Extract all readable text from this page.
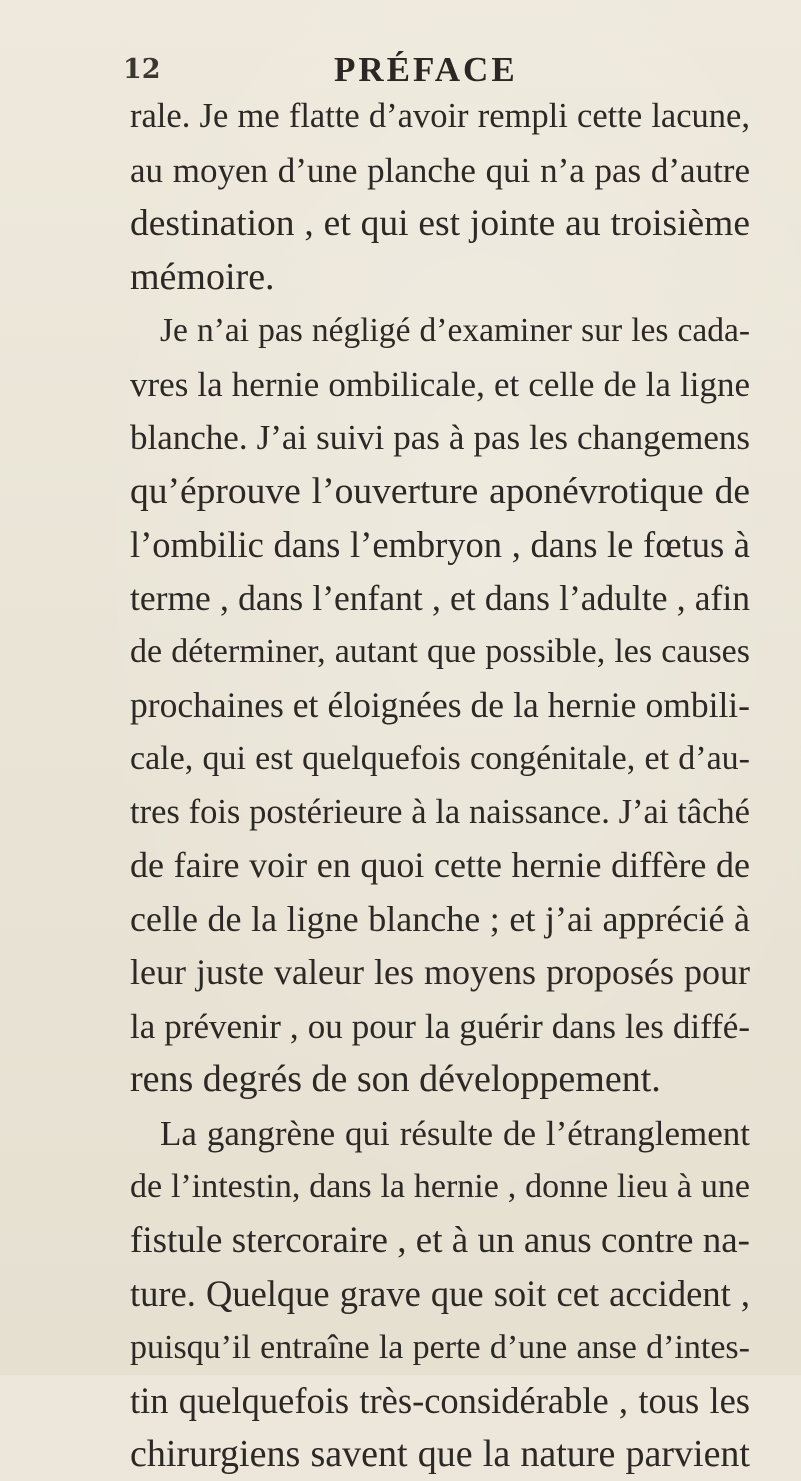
12	PRÉFACE
rale. Je me flatte d’avoir rempli cette lacune,
au moyen d’une planche qui n’a pas d’autre
destination , et qui est jointe au troisième
mémoire.
Je n’ai pas négligé d’examiner sur les cada-
vres la hernie ombilicale, et celle de la ligne
blanche. J’ai suivi pas à pas les changemens
qu’éprouve l’ouverture aponévrotique de
l’ombilic dans l’embryon , dans le fœtus à
terme , dans l’enfant , et dans l’adulte , afin
de déterminer, autant que possible, les causes
prochaines et éloignées de la hernie ombili-
cale, qui est quelquefois congénitale, et d’au-
tres fois postérieure à la naissance. J’ai tâché
de faire voir en quoi cette hernie diffère de
celle de la ligne blanche ; et j’ai apprécié à
leur juste valeur les moyens proposés pour
la prévenir , ou pour la guérir dans les diffé-
rens degrés de son développement.
La gangrène qui résulte de l’étranglement
de l’intestin, dans la hernie , donne lieu à une
fistule stercoraire , et à un anus contre na-
ture. Quelque grave que soit cet accident ,
puisqu’il entraîne la perte d’une anse d’intes-
tin quelquefois très-considérable , tous les
chirurgiens savent que la nature parvient
